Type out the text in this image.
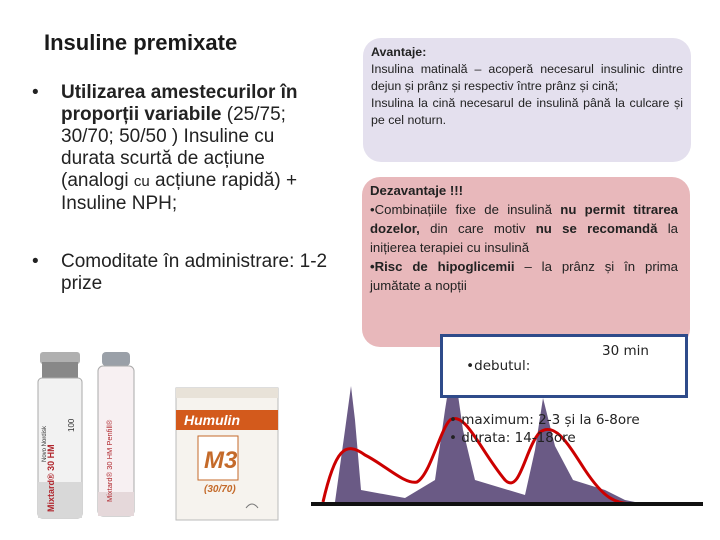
Insuline premixate
• Utilizarea amestecurilor în proporții variabile (25/75; 30/70; 50/50 ) Insuline cu durata scurtă de acțiune (analogi cu acțiune rapidă) + Insuline NPH;
• Comoditate în administrare: 1-2 prize
Avantaje:
Insulina matinală – acoperă necesarul insulinic dintre dejun și prânz și respectiv între prânz și cină;
Insulina la cină necesarul de insulină până la culcare și pe cel noturn.
Dezavantaje !!!

•Combinațiile fixe de insulină nu permit titrarea dozelor, din care motiv nu se recomandă la inițierea terapiei cu insulină

•Risc de hipoglicemii – la prânz și în prima jumătate a nopții

Mixtard® 30 HM
Novo Nordisk
100	Mixtard® 30 HM Penfill®	Humulin
M3
(30/70)

•debutul:

30 min

• maximum: 2-3 și la 6-8ore
• durata: 14-18ore
